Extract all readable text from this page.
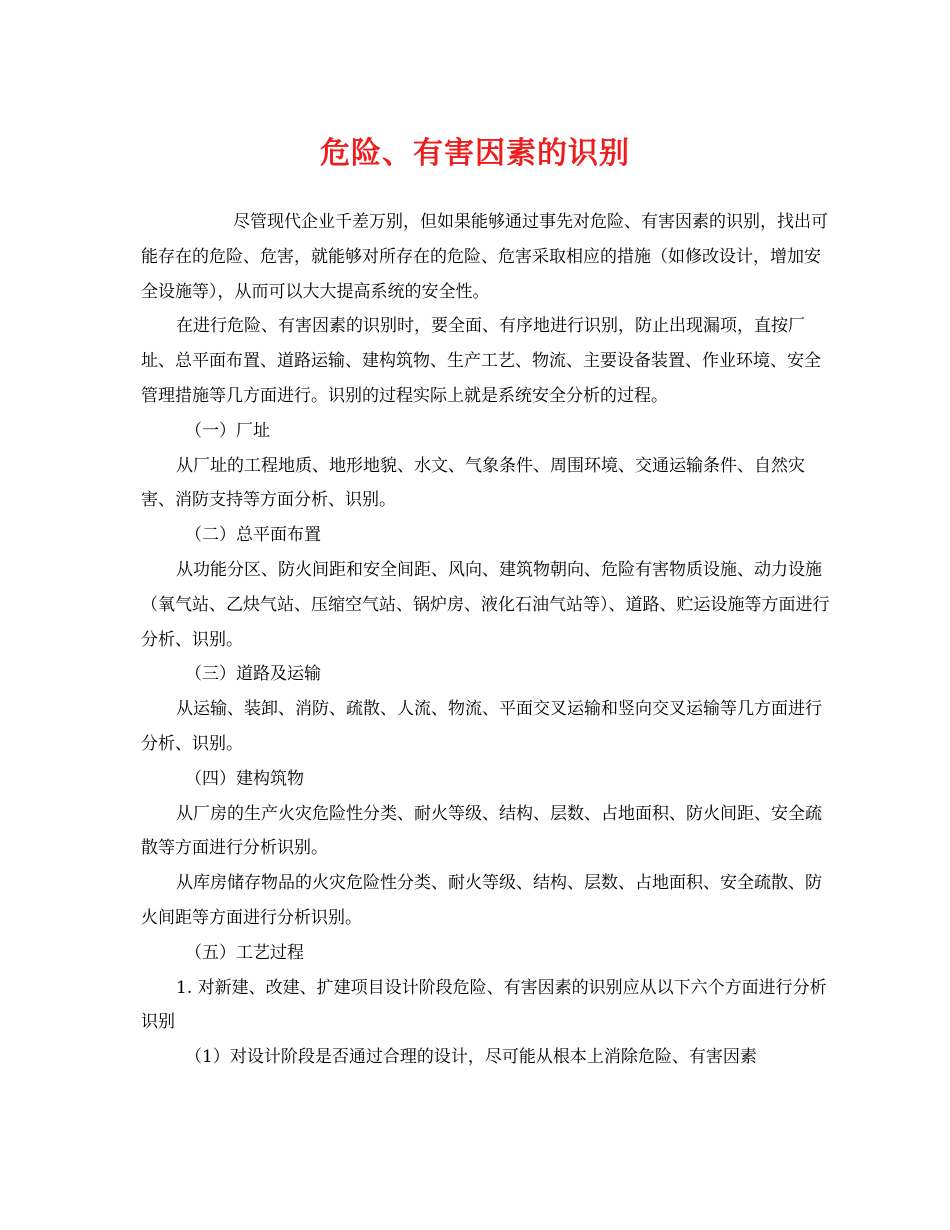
危险、有害因素的识别

尽管现代企业千差万别，但如果能够通过事先对危险、有害因素的识别，找出可能存在的危险、危害，就能够对所存在的危险、危害采取相应的措施（如修改设计，增加安全设施等），从而可以大大提高系统的安全性。

在进行危险、有害因素的识别时，要全面、有序地进行识别，防止出现漏项，直按厂址、总平面布置、道路运输、建构筑物、生产工艺、物流、主要设备装置、作业环境、安全管理措施等几方面进行。识别的过程实际上就是系统安全分析的过程。

（一）厂址

从厂址的工程地质、地形地貌、水文、气象条件、周围环境、交通运输条件、自然灾害、消防支持等方面分析、识别。

（二）总平面布置

从功能分区、防火间距和安全间距、风向、建筑物朝向、危险有害物质设施、动力设施（氧气站、乙炔气站、压缩空气站、锅炉房、液化石油气站等）、道路、贮运设施等方面进行分析、识别。

（三）道路及运输

从运输、装卸、消防、疏散、人流、物流、平面交叉运输和竖向交叉运输等几方面进行分析、识别。

（四）建构筑物

从厂房的生产火灾危险性分类、耐火等级、结构、层数、占地面积、防火间距、安全疏散等方面进行分析识别。

从库房储存物品的火灾危险性分类、耐火等级、结构、层数、占地面积、安全疏散、防火间距等方面进行分析识别。

（五）工艺过程

1. 对新建、改建、扩建项目设计阶段危险、有害因素的识别应从以下六个方面进行分析识别

（1）对设计阶段是否通过合理的设计，尽可能从根本上消除危险、有害因素
